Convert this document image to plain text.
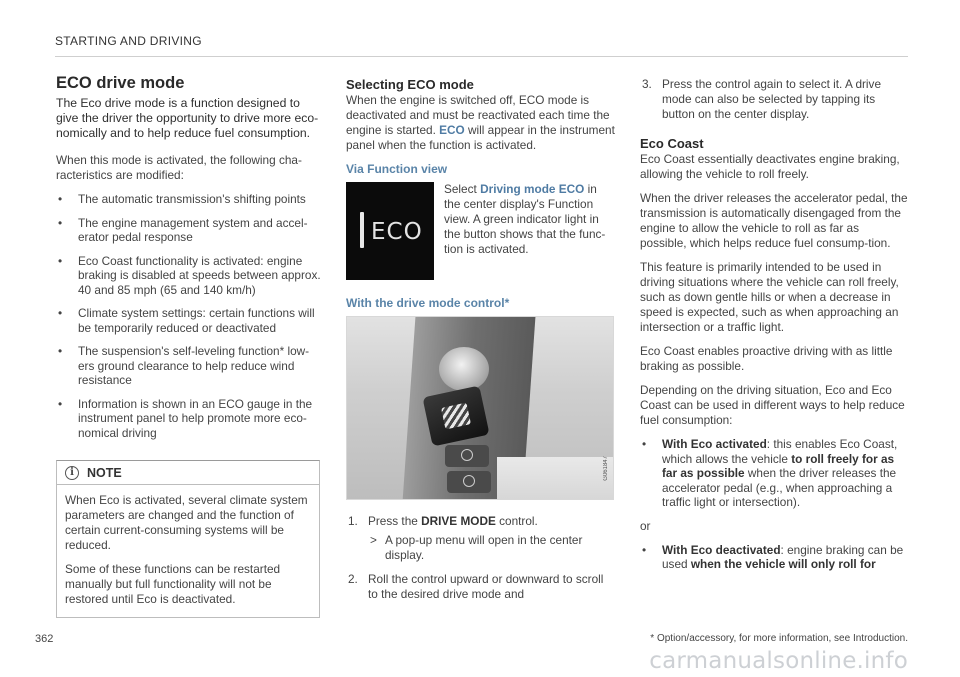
STARTING AND DRIVING
ECO drive mode
The Eco drive mode is a function designed to give the driver the opportunity to drive more eco-nomically and to help reduce fuel consumption.

When this mode is activated, the following cha-racteristics are modified:

• The automatic transmission's shifting points
• The engine management system and accel-erator pedal response
• Eco Coast functionality is activated: engine braking is disabled at speeds between approx. 40 and 85 mph (65 and 140 km/h)
• Climate system settings: certain functions will be temporarily reduced or deactivated
• The suspension's self-leveling function* low-ers ground clearance to help reduce wind resistance
• Information is shown in an ECO gauge in the instrument panel to help promote more eco-nomical driving
i	NOTE

When Eco is activated, several climate system parameters are changed and the function of certain current-consuming systems will be reduced.

Some of these functions can be restarted manually but full functionality will not be restored until Eco is deactivated.

Selecting ECO mode

When the engine is switched off, ECO mode is deactivated and must be reactivated each time the engine is started. ECO will appear in the instrument panel when the function is activated.

Via Function view
ECO
Select Driving mode ECO in the center display's Function view. A green indicator light in the button shows that the func-tion is activated.
With the drive mode control*
G061847
1. Press the DRIVE MODE control.
> A pop-up menu will open in the center display.
2. Roll the control upward or downward to scroll to the desired drive mode and
3. Press the control again to select it. A drive mode can also be selected by tapping its button on the center display.
Eco Coast

Eco Coast essentially deactivates engine braking, allowing the vehicle to roll freely.

When the driver releases the accelerator pedal, the transmission is automatically disengaged from the engine to allow the vehicle to roll as far as possible, which helps reduce fuel consump-tion.

This feature is primarily intended to be used in driving situations where the vehicle can roll freely, such as down gentle hills or when a decrease in speed is expected, such as when approaching an intersection or a traffic light.

Eco Coast enables proactive driving with as little braking as possible.

Depending on the driving situation, Eco and Eco Coast can be used in different ways to help reduce fuel consumption:

• With Eco activated: this enables Eco Coast, which allows the vehicle to roll freely for as far as possible when the driver releases the accelerator pedal (e.g., when approaching a traffic light or intersection).

or

• With Eco deactivated: engine braking can be used when the vehicle will only roll for
* Option/accessory, for more information, see Introduction.
362
carmanualsonline.info
